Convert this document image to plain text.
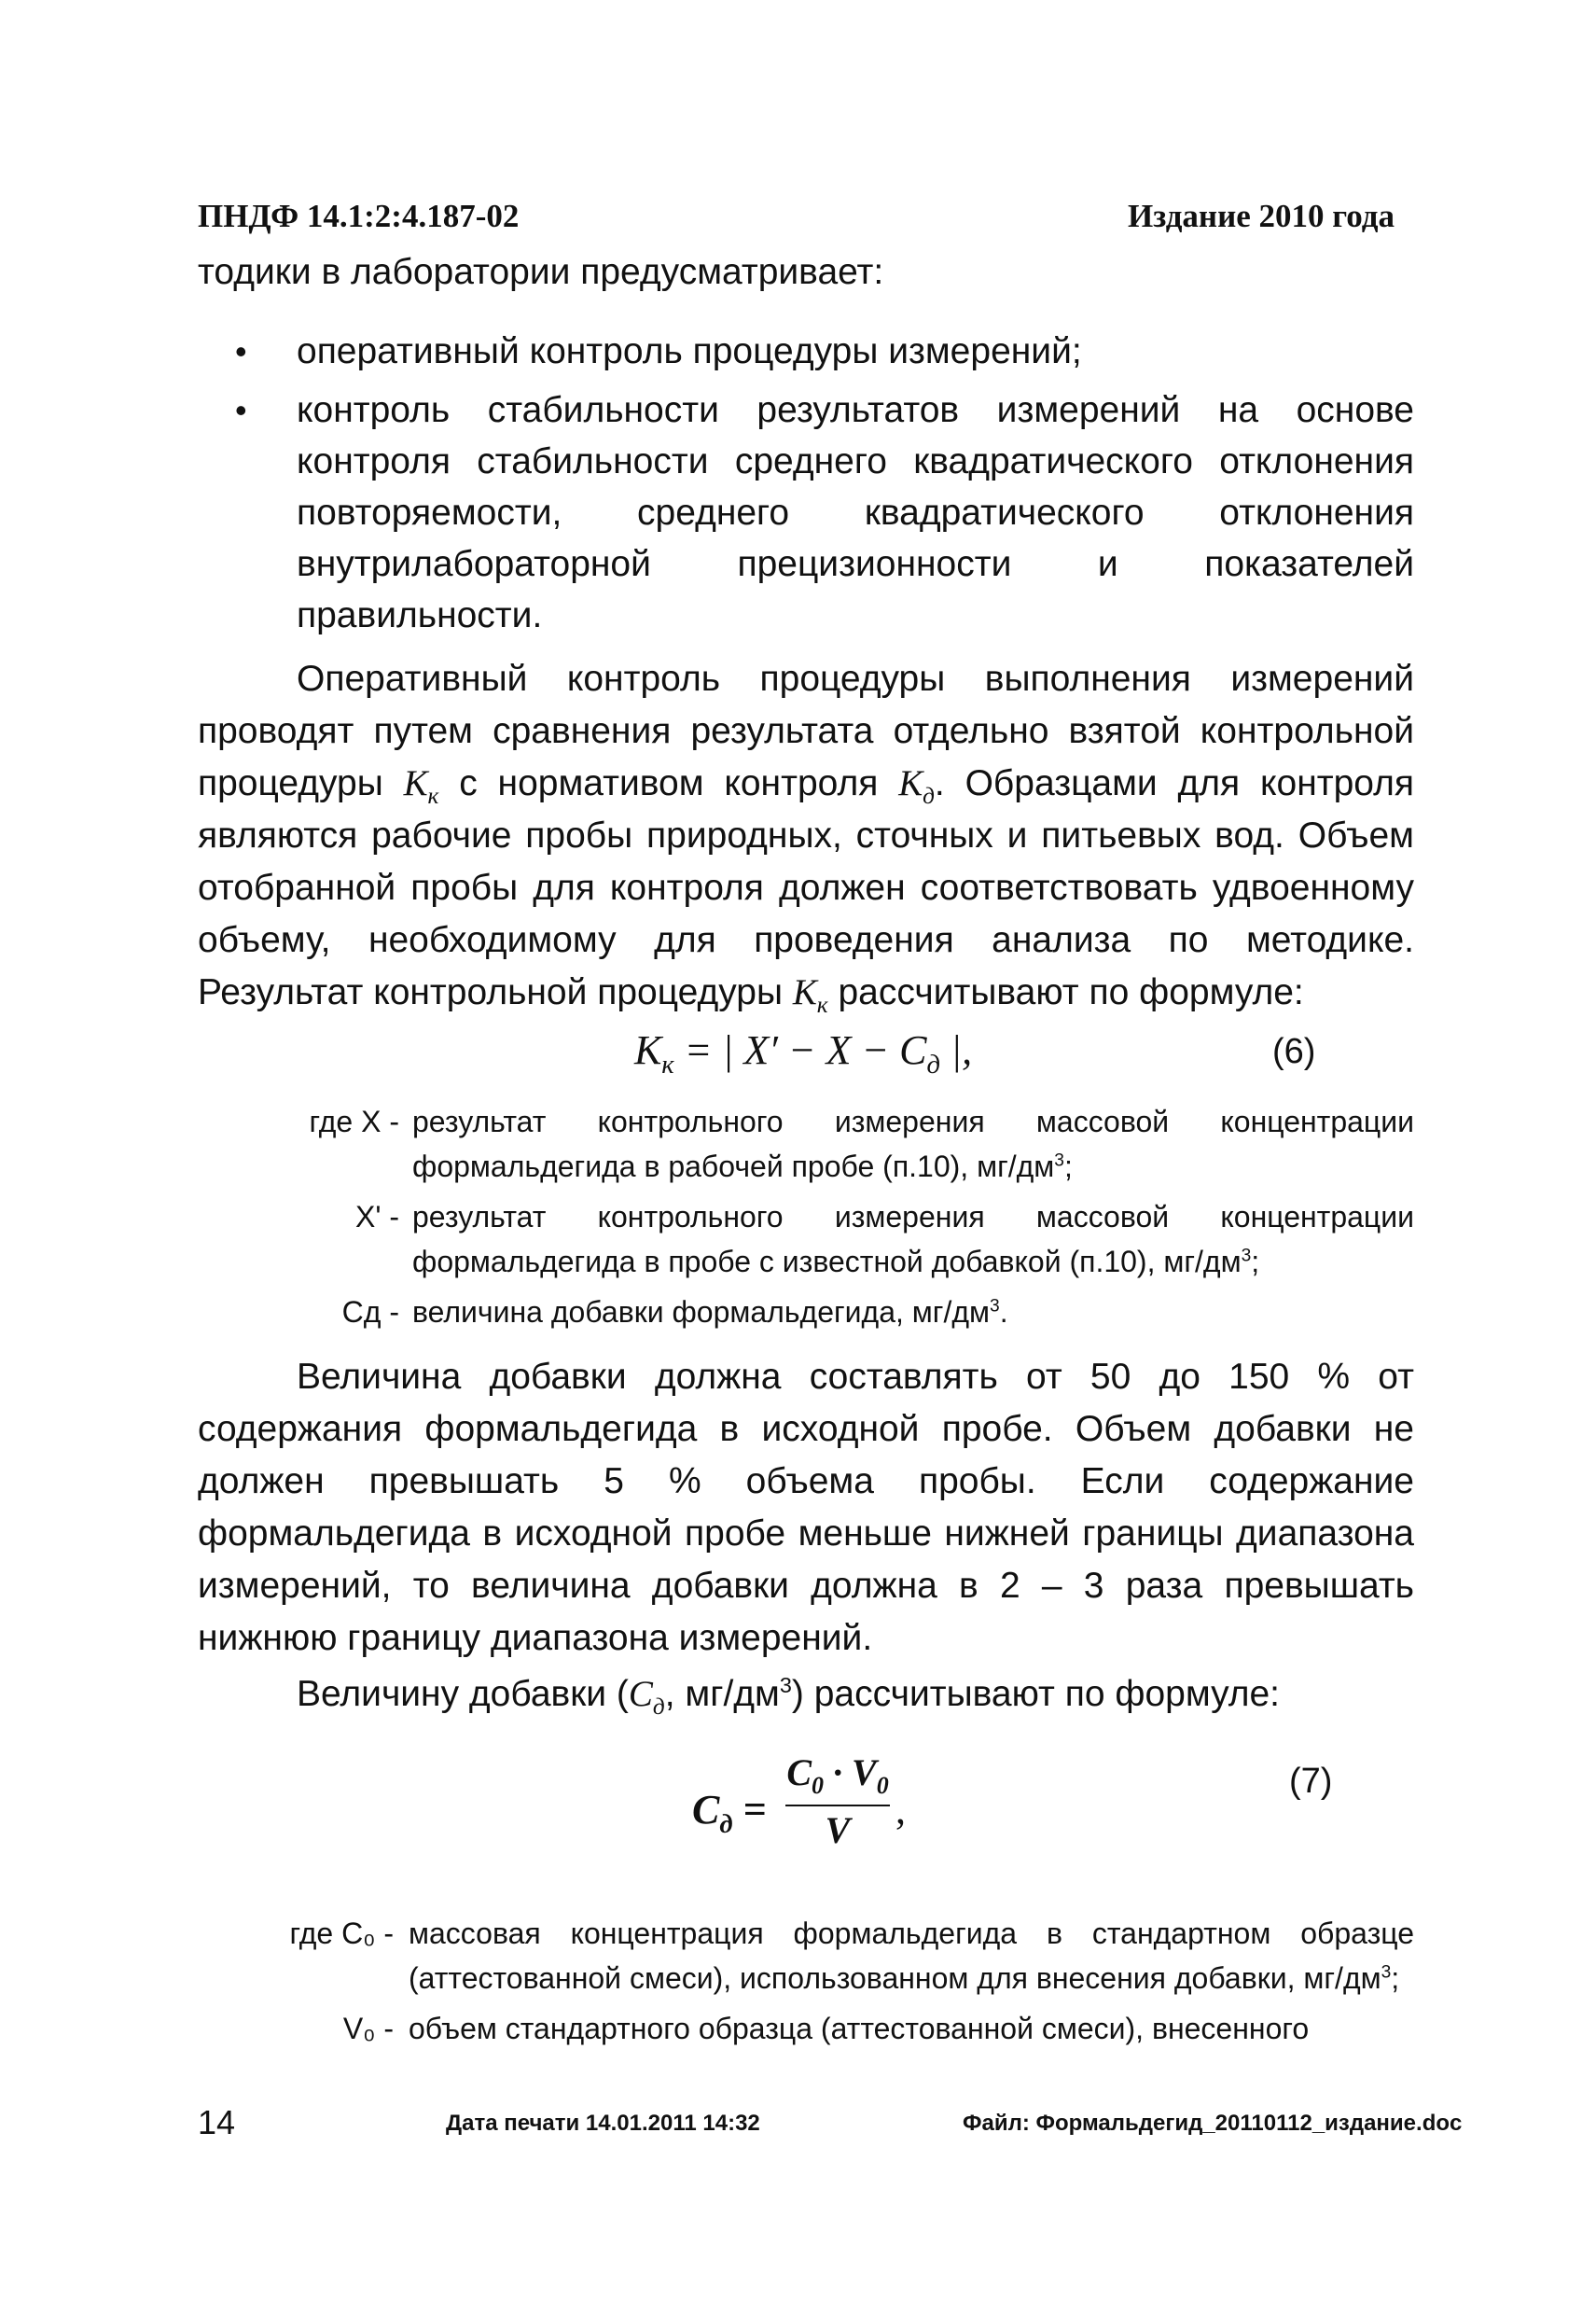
ПНДФ 14.1:2:4.187-02	Издание 2010 года

тодики в лаборатории предусматривает:

• оперативный контроль процедуры измерений;
• контроль стабильности результатов измерений на основе контроля стабильности среднего квадратического отклонения повторяемости, среднего квадратического отклонения внутрилабораторной прецизионности и показателей правильности.

Оперативный контроль процедуры выполнения измерений проводят путем сравнения результата отдельно взятой контрольной процедуры $К_к$ с нормативом контроля $К_д$. Образцами для контроля являются рабочие пробы природных, сточных и питьевых вод. Объем отобранной пробы для контроля должен соответствовать удвоенному объему, необходимому для проведения анализа по методике. Результат контрольной процедуры $К_к$ рассчитывают по формуле:

$К_к$ = | $X' - X - C_д$ |,	(6)
где X - результат контрольного измерения массовой концентрации формальдегида в рабочей пробе (п.10), $мг/дм^3$;
X' - результат контрольного измерения массовой концентрации формальдегида в пробе с известной добавкой (п.10), $мг/дм^3$;
Cд - величина добавки формальдегида, $мг/дм^3$.

Величина добавки должна составлять от 50 до 150 % от содержания формальдегида в исходной пробе. Объем добавки не должен превышать 5 % объема пробы. Если содержание формальдегида в исходной пробе меньше нижней границы диапазона измерений, то величина добавки должна в 2 – 3 раза превышать нижнюю границу диапазона измерений.

Величину добавки ($С_д$, $мг/дм^3$) рассчитывают по формуле:

$C_д$ =
$C_0 \cdot V_0$
V	,
(7)
где C₀ - массовая концентрация формальдегида в стандартном образце (аттестованной смеси), использованном для внесения добавки, $мг/дм^3$;
V₀ - объем стандартного образца (аттестованной смеси), внесенного
14	Дата печати 14.01.2011 14:32	Файл: Формальдегид_20110112_издание.doc
